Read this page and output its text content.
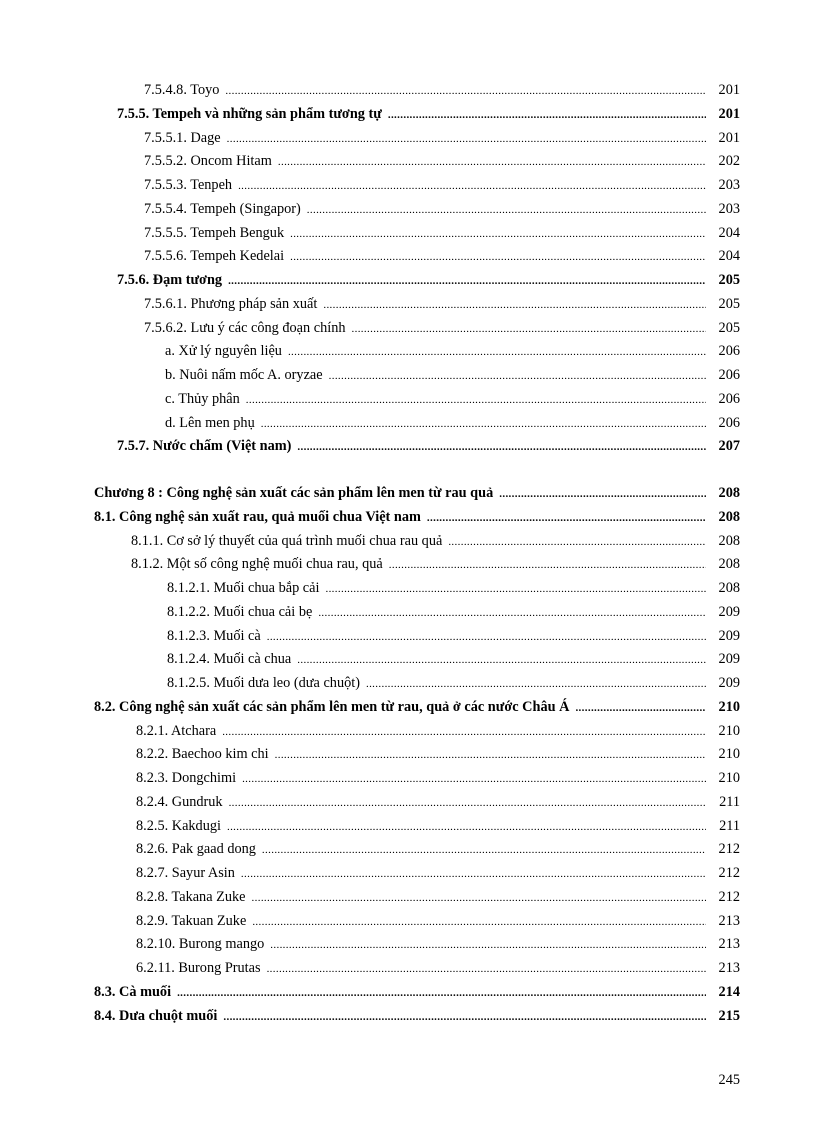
7.5.4.8. Toyo . . .	201
7.5.5. Tempeh và những sản phẩm tương tự . . .	201
7.5.5.1. Dage . . .	201
7.5.5.2. Oncom Hitam . . .	202
7.5.5.3. Tenpeh . . .	203
7.5.5.4. Tempeh (Singapor) . . .	203
7.5.5.5. Tempeh Benguk . . .	204
7.5.5.6. Tempeh Kedelai . . .	204
7.5.6. Đạm tương . . .	205
7.5.6.1. Phương pháp sản xuất . . .	205
7.5.6.2. Lưu ý các công đoạn chính . . .	205
a. Xử lý nguyên liệu . . .	206
b. Nuôi nấm mốc A. oryzae . . .	206
c. Thủy phân . . .	206
d. Lên men phụ . . .	206
7.5.7. Nước chấm (Việt nam) . . .	207
Chương 8 : Công nghệ sản xuất các sản phẩm lên men từ rau quả . . .	208
8.1. Công nghệ sản xuất rau, quả muối chua Việt nam . . .	208
8.1.1. Cơ sở lý thuyết của quá trình muối chua rau quả . . .	208
8.1.2. Một số công nghệ muối chua rau, quả . . .	208
8.1.2.1. Muối chua bắp cải . . .	208
8.1.2.2. Muối chua cải bẹ . . .	209
8.1.2.3. Muối cà . . .	209
8.1.2.4. Muối cà chua . . .	209
8.1.2.5. Muối dưa leo (dưa chuột) . . .	209
8.2. Công nghệ sản xuất các sản phẩm lên men từ rau, quả ở các nước Châu Á . . .	210
8.2.1. Atchara . . .	210
8.2.2. Baechoo kim chi . . .	210
8.2.3. Dongchimi . . .	210
8.2.4. Gundruk . . .	211
8.2.5. Kakdugi . . .	211
8.2.6. Pak gaad dong . . .	212
8.2.7. Sayur Asin . . .	212
8.2.8. Takana Zuke . . .	212
8.2.9. Takuan Zuke . . .	213
8.2.10. Burong mango . . .	213
6.2.11. Burong Prutas . . .	213
8.3. Cà muối . . .	214
8.4. Dưa chuột muối . . .	215
245
